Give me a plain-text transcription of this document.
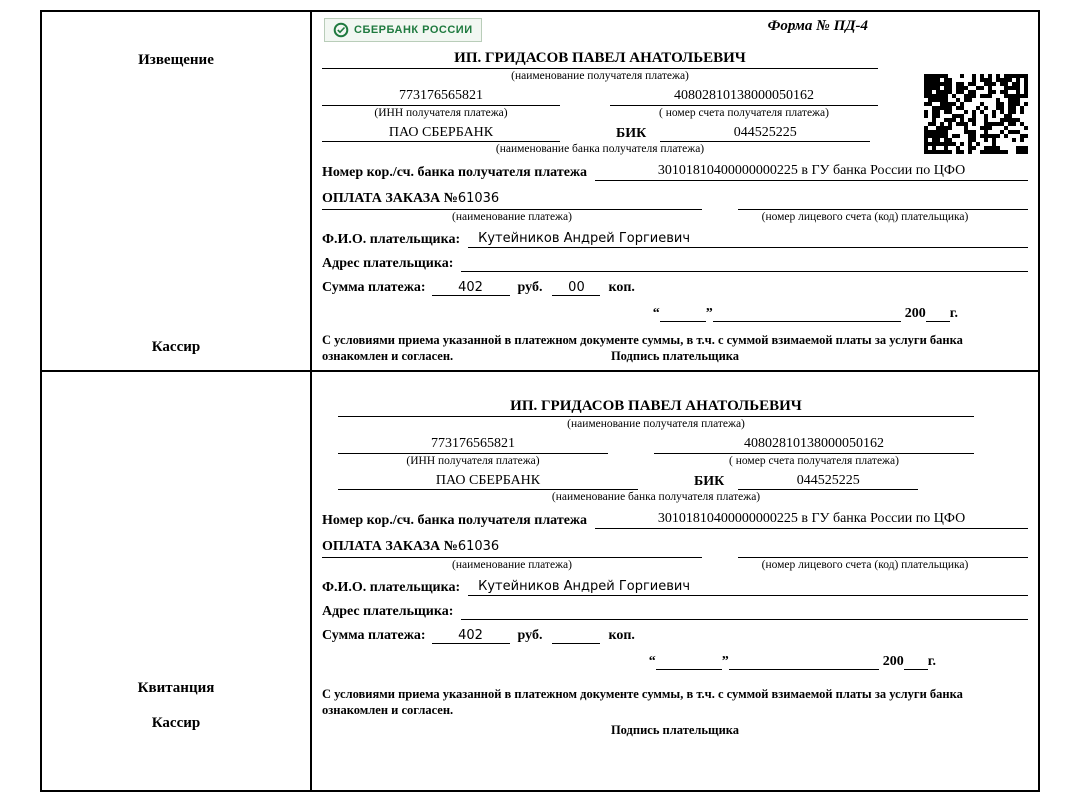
Извещение
Кассир
СБЕРБАНК РОССИИ	Форма № ПД-4
ИП. ГРИДАСОВ ПАВЕЛ АНАТОЛЬЕВИЧ
(наименование получателя платежа)
773176565821	40802810138000050162
(ИНН получателя платежа)	( номер счета получателя платежа)
ПАО СБЕРБАНК	БИК	044525225
(наименование банка получателя платежа)
Номер кор./сч. банка получателя платежа	30101810400000000225 в ГУ банка России по ЦФО
ОПЛАТА ЗАКАЗА №61036
(наименование платежа)	(номер лицевого счета (код) плательщика)
Ф.И.О. плательщика:	Кутейников Андрей Горгиевич
Адрес плательщика:
Сумма платежа:	402	руб.	00	коп.
“	”	200 г.
С условиями приема указанной в платежном документе суммы, в т.ч. с суммой взимаемой платы за услуги банка ознакомлен и согласен.	Подпись плательщика
Квитанция
Кассир
ИП. ГРИДАСОВ ПАВЕЛ АНАТОЛЬЕВИЧ
(наименование получателя платежа)
773176565821	40802810138000050162
(ИНН получателя платежа)	( номер счета получателя платежа)
ПАО СБЕРБАНК	БИК	044525225
(наименование банка получателя платежа)
Номер кор./сч. банка получателя платежа	30101810400000000225 в ГУ банка России по ЦФО
ОПЛАТА ЗАКАЗА №61036
(наименование платежа)	(номер лицевого счета (код) плательщика)
Ф.И.О. плательщика:	Кутейников Андрей Горгиевич
Адрес плательщика:
Сумма платежа:	402	руб.	коп.
“	”	200 г.
С условиями приема указанной в платежном документе суммы, в т.ч. с суммой взимаемой платы за услуги банка ознакомлен и согласен.
Подпись плательщика
